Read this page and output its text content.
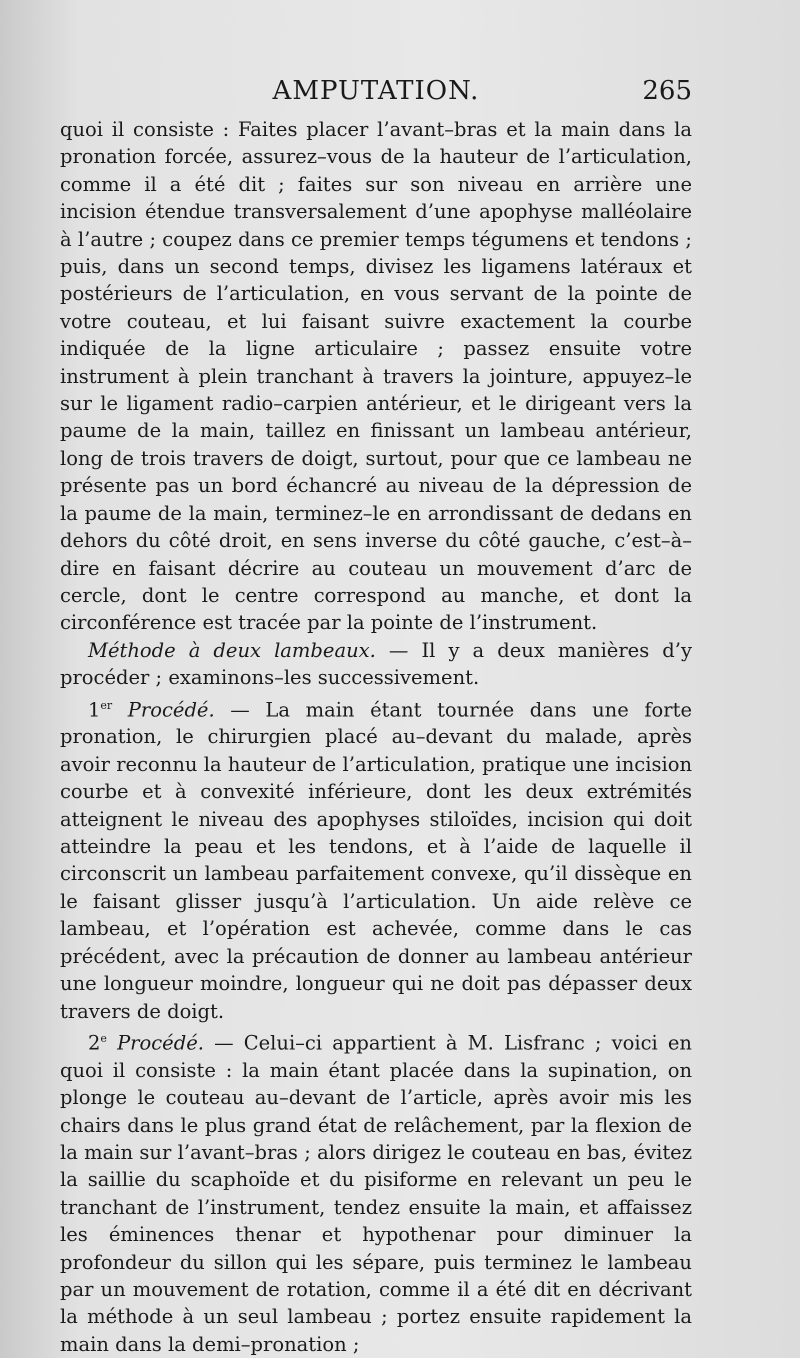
AMPUTATION.	265

quoi il consiste : Faites placer l’avant–bras et la main dans la pronation forcée, assurez–vous de la hauteur de l’articulation, comme il a été dit ; faites sur son niveau en arrière une incision étendue transversalement d’une apophyse malléolaire à l’autre ; coupez dans ce premier temps tégumens et tendons ; puis, dans un second temps, divisez les ligamens latéraux et postérieurs de l’articulation, en vous servant de la pointe de votre couteau, et lui faisant suivre exactement la courbe indiquée de la ligne articulaire ; passez ensuite votre instrument à plein tranchant à travers la jointure, appuyez–le sur le ligament radio–carpien antérieur, et le dirigeant vers la paume de la main, taillez en finissant un lambeau antérieur, long de trois travers de doigt, surtout, pour que ce lambeau ne présente pas un bord échancré au niveau de la dépression de la paume de la main, terminez–le en arrondissant de dedans en dehors du côté droit, en sens inverse du côté gauche, c’est–à–dire en faisant décrire au couteau un mouvement d’arc de cercle, dont le centre correspond au manche, et dont la circonférence est tracée par la pointe de l’instrument.

Méthode à deux lambeaux. — Il y a deux manières d’y procéder ; examinons–les successivement.

1er Procédé. — La main étant tournée dans une forte pronation, le chirurgien placé au–devant du malade, après avoir reconnu la hauteur de l’articulation, pratique une incision courbe et à convexité inférieure, dont les deux extrémités atteignent le niveau des apophyses stiloïdes, incision qui doit atteindre la peau et les tendons, et à l’aide de laquelle il circonscrit un lambeau parfaitement convexe, qu’il dissèque en le faisant glisser jusqu’à l’articulation. Un aide relève ce lambeau, et l’opération est achevée, comme dans le cas précédent, avec la précaution de donner au lambeau antérieur une longueur moindre, longueur qui ne doit pas dépasser deux travers de doigt.

2e Procédé. — Celui–ci appartient à M. Lisfranc ; voici en quoi il consiste : la main étant placée dans la supination, on plonge le couteau au–devant de l’article, après avoir mis les chairs dans le plus grand état de relâchement, par la flexion de la main sur l’avant–bras ; alors dirigez le couteau en bas, évitez la saillie du scaphoïde et du pisiforme en relevant un peu le tranchant de l’instrument, tendez ensuite la main, et affaissez les éminences thenar et hypothenar pour diminuer la profondeur du sillon qui les sépare, puis terminez le lambeau par un mouvement de rotation, comme il a été dit en décrivant la méthode à un seul lambeau ; portez ensuite rapidement la main dans la demi–pronation ;
